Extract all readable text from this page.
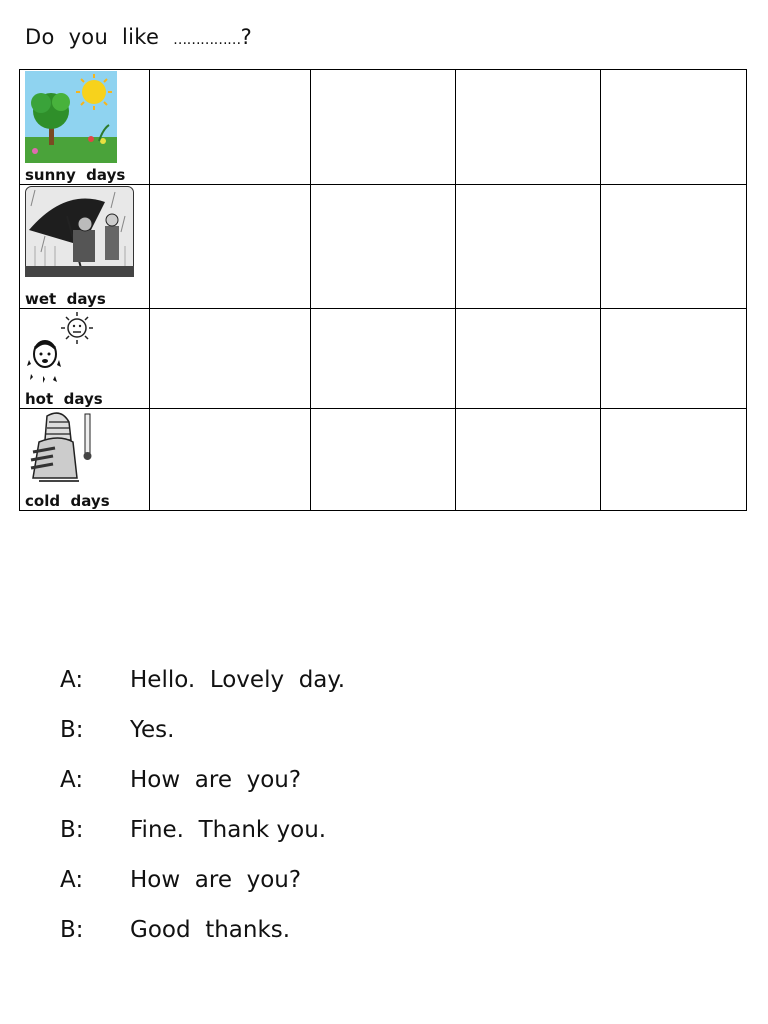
Do  you  like  ……………?
sunny  days				

wet  days				

hot  days				

cold  days				

A:	Hello.  Lovely  day.
B:	Yes.
A:	How  are  you?
B:	Fine.  Thank you.
A:	How  are  you?
B:	Good  thanks.
